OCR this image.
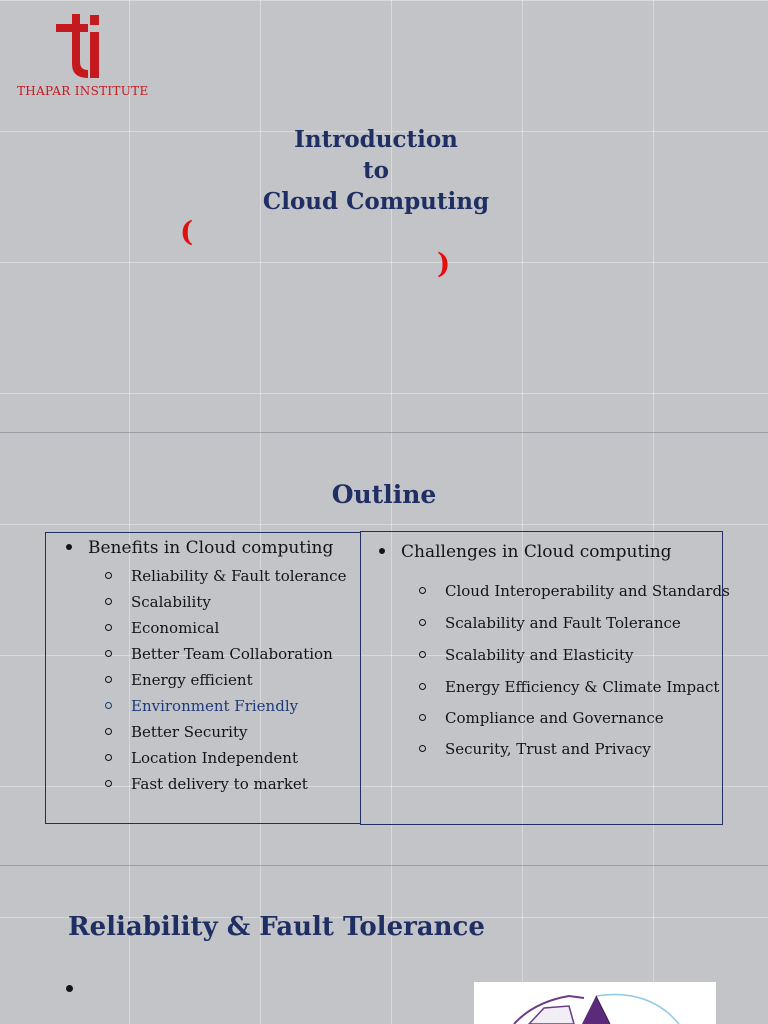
THAPAR INSTITUTE
Introduction
to
Cloud Computing
(
)
Outline
Benefits in Cloud computing
Reliability & Fault tolerance
Scalability
Economical
Better Team Collaboration
Energy efficient
Environment Friendly
Better Security
Location Independent
Fast delivery to market
Challenges in Cloud computing
Cloud Interoperability and Standards
Scalability and Fault Tolerance
Scalability and Elasticity
Energy Efficiency & Climate Impact
Compliance and Governance
Security, Trust and Privacy
Reliability & Fault Tolerance
